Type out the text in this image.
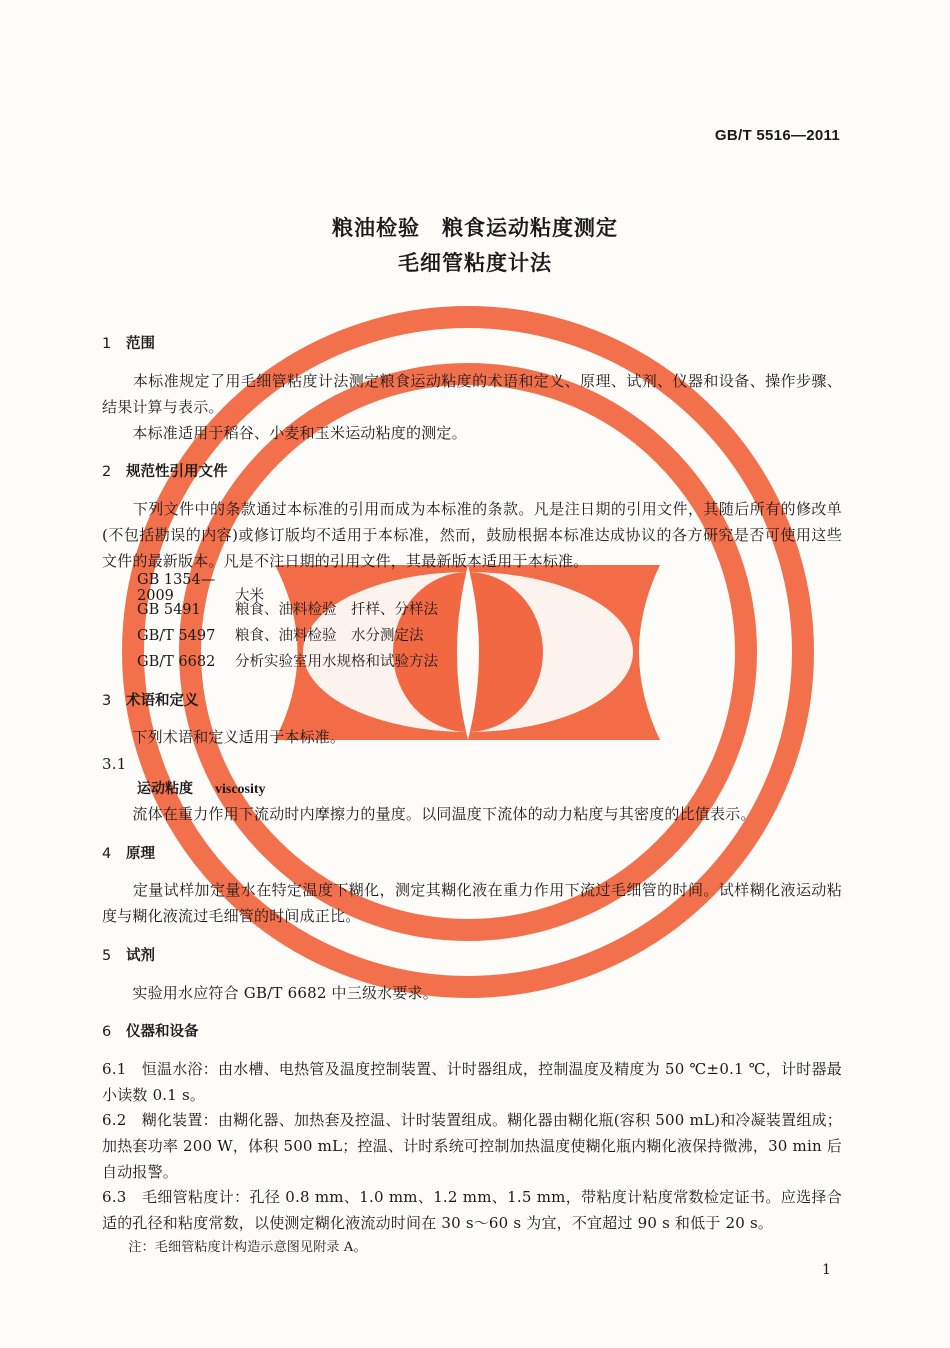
GB/T 5516—2011
粮油检验　粮食运动粘度测定
毛细管粘度计法
1 范围
　　本标准规定了用毛细管粘度计法测定粮食运动粘度的术语和定义、原理、试剂、仪器和设备、操作步骤、结果计算与表示。
　　本标准适用于稻谷、小麦和玉米运动粘度的测定。
2 规范性引用文件
　　下列文件中的条款通过本标准的引用而成为本标准的条款。凡是注日期的引用文件，其随后所有的修改单(不包括勘误的内容)或修订版均不适用于本标准，然而，鼓励根据本标准达成协议的各方研究是否可使用这些文件的最新版本。凡是不注日期的引用文件，其最新版本适用于本标准。
GB 1354—2009	大米
GB 5491 粮食、油料检验　扦样、分样法
GB/T 5497 粮食、油料检验　水分测定法
GB/T 6682 分析实验室用水规格和试验方法
3 术语和定义
　　下列术语和定义适用于本标准。
3.1
运动粘度 viscosity
　　流体在重力作用下流动时内摩擦力的量度。以同温度下流体的动力粘度与其密度的比值表示。
4 原理
　　定量试样加定量水在特定温度下糊化，测定其糊化液在重力作用下流过毛细管的时间。试样糊化液运动粘度与糊化液流过毛细管的时间成正比。
5 试剂
　　实验用水应符合 GB/T 6682 中三级水要求。
6 仪器和设备
6.1　恒温水浴：由水槽、电热管及温度控制装置、计时器组成，控制温度及精度为 50 ℃±0.1 ℃，计时器最小读数 0.1 s。
6.2　糊化装置：由糊化器、加热套及控温、计时装置组成。糊化器由糊化瓶(容积 500 mL)和冷凝装置组成；加热套功率 200 W，体积 500 mL；控温、计时系统可控制加热温度使糊化瓶内糊化液保持微沸，30 min 后自动报警。
6.3　毛细管粘度计：孔径 0.8 mm、1.0 mm、1.2 mm、1.5 mm，带粘度计粘度常数检定证书。应选择合适的孔径和粘度常数，以使测定糊化液流动时间在 30 s～60 s 为宜，不宜超过 90 s 和低于 20 s。
　　注：毛细管粘度计构造示意图见附录 A。
1
